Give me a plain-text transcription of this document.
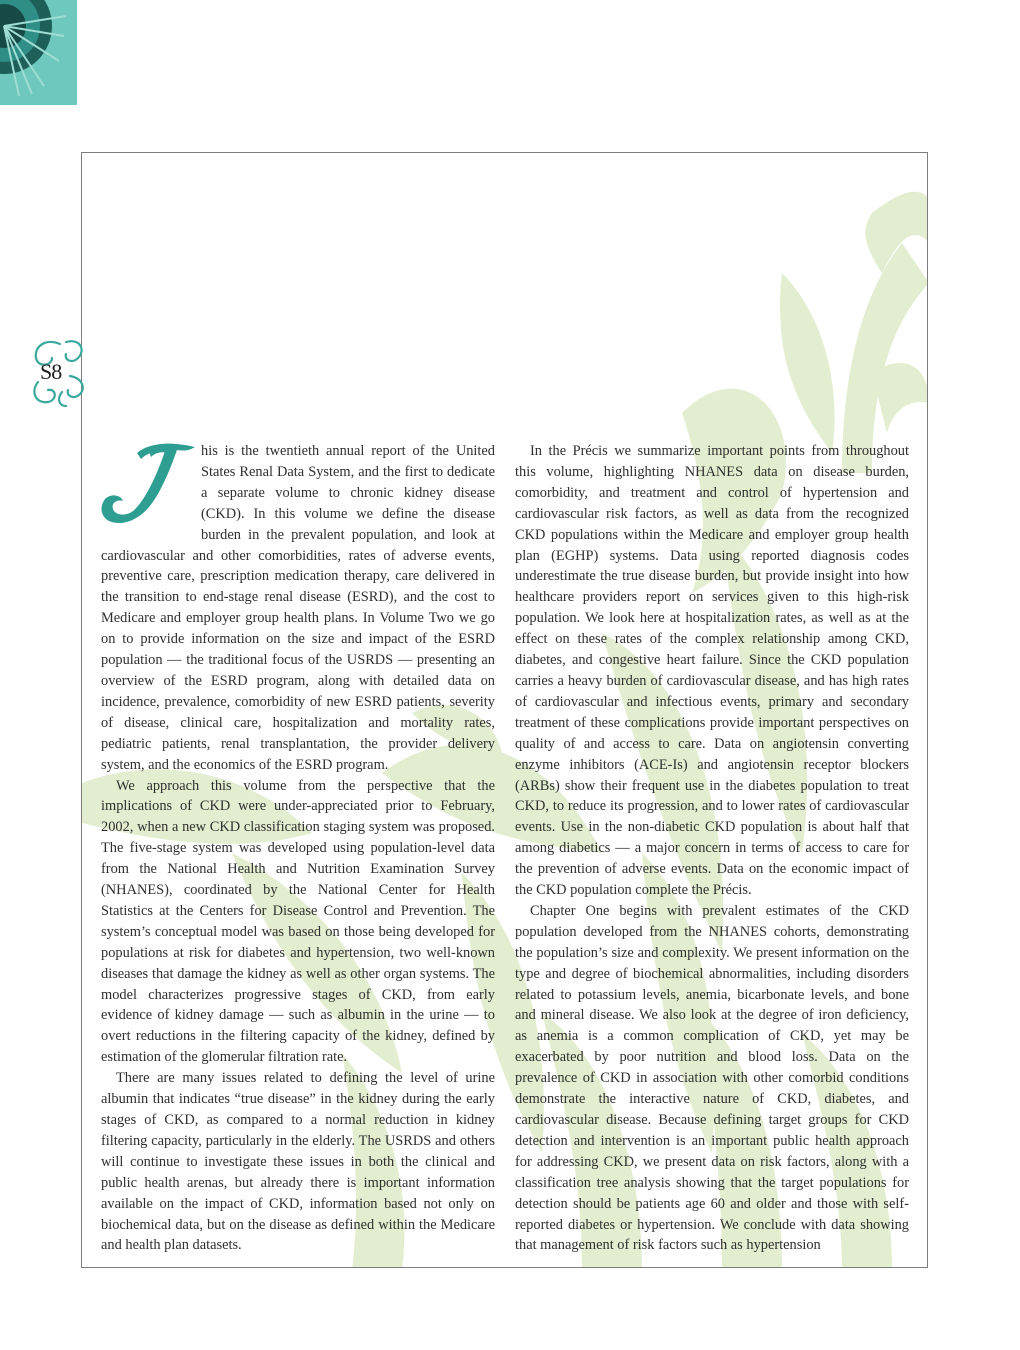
S8

his is the twentieth annual report of the United States Renal Data System, and the first to dedicate a separate volume to chronic kidney disease (CKD). In this volume we define the disease burden in the prevalent population, and look at cardiovascular and other comorbidities, rates of adverse events, preventive care, prescription medication therapy, care delivered in the transition to end-stage renal disease (ESRD), and the cost to Medicare and employer group health plans. In Volume Two we go on to provide information on the size and impact of the ESRD population — the traditional focus of the USRDS — presenting an overview of the ESRD program, along with detailed data on incidence, prevalence, comorbidity of new ESRD patients, severity of disease, clinical care, hospitalization and mortality rates, pediatric patients, renal transplantation, the provider delivery system, and the economics of the ESRD program.

We approach this volume from the perspective that the implications of CKD were under-appreciated prior to February, 2002, when a new CKD classification staging system was proposed. The five-stage system was developed using population-level data from the National Health and Nutrition Examination Survey (NHANES), coordinated by the National Center for Health Statistics at the Centers for Disease Control and Prevention. The system’s conceptual model was based on those being developed for populations at risk for diabetes and hypertension, two well-known diseases that damage the kidney as well as other organ systems. The model characterizes progressive stages of CKD, from early evidence of kidney damage — such as albumin in the urine — to overt reductions in the filtering capacity of the kidney, defined by estimation of the glomerular filtration rate.

There are many issues related to defining the level of urine albumin that indicates “true disease” in the kidney during the early stages of CKD, as compared to a normal reduction in kidney filtering capacity, particularly in the elderly. The USRDS and others will continue to investigate these issues in both the clinical and public health arenas, but already there is important information available on the impact of CKD, information based not only on biochemical data, but on the disease as defined within the Medicare and health plan datasets.

In the Précis we summarize important points from throughout this volume, highlighting NHANES data on disease burden, comorbidity, and treatment and control of hypertension and cardiovascular risk factors, as well as data from the recognized CKD populations within the Medicare and employer group health plan (EGHP) systems. Data using reported diagnosis codes underestimate the true disease burden, but provide insight into how healthcare providers report on services given to this high-risk population. We look here at hospitalization rates, as well as at the effect on these rates of the complex relationship among CKD, diabetes, and congestive heart failure. Since the CKD population carries a heavy burden of cardiovascular disease, and has high rates of cardiovascular and infectious events, primary and secondary treatment of these complications provide important perspectives on quality of and access to care. Data on angiotensin converting enzyme inhibitors (ACE-Is) and angiotensin receptor blockers (ARBs) show their frequent use in the diabetes population to treat CKD, to reduce its progression, and to lower rates of cardiovascular events. Use in the non-diabetic CKD population is about half that among diabetics — a major concern in terms of access to care for the prevention of adverse events. Data on the economic impact of the CKD population complete the Précis.

Chapter One begins with prevalent estimates of the CKD population developed from the NHANES cohorts, demonstrating the population’s size and complexity. We present information on the type and degree of biochemical abnormalities, including disorders related to potassium levels, anemia, bicarbonate levels, and bone and mineral disease. We also look at the degree of iron deficiency, as anemia is a common complication of CKD, yet may be exacerbated by poor nutrition and blood loss. Data on the prevalence of CKD in association with other comorbid conditions demonstrate the interactive nature of CKD, diabetes, and cardiovascular disease. Because defining target groups for CKD detection and intervention is an important public health approach for addressing CKD, we present data on risk factors, along with a classification tree analysis showing that the target populations for detection should be patients age 60 and older and those with self-reported diabetes or hypertension. We conclude with data showing that management of risk factors such as hypertension
